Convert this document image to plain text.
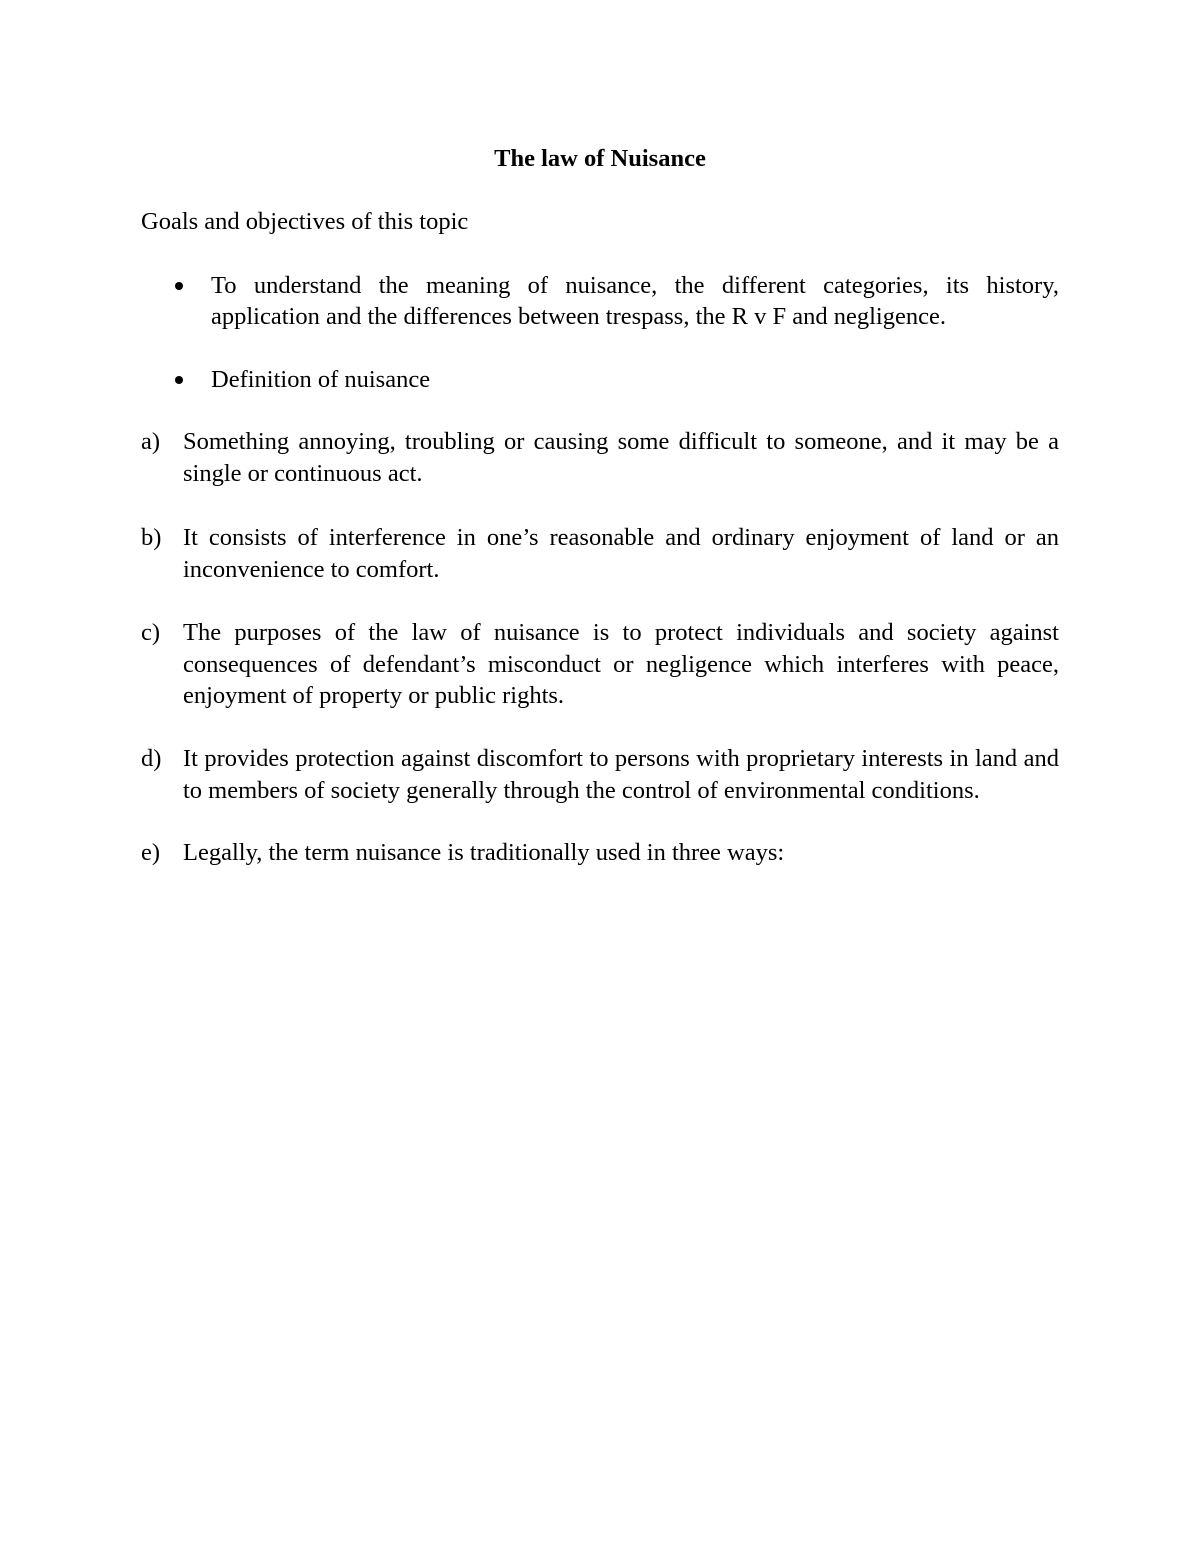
The law of Nuisance
Goals and objectives of this topic
To understand the meaning of nuisance, the different categories, its history, application and the differences between trespass, the R v F and negligence.
Definition of nuisance
a) Something annoying, troubling or causing some difficult to someone, and it may be a single or continuous act.
b) It consists of interference in one’s reasonable and ordinary enjoyment of land or an inconvenience to comfort.
c) The purposes of the law of nuisance is to protect individuals and society against consequences of defendant’s misconduct or negligence which interferes with peace, enjoyment of property or public rights.
d) It provides protection against discomfort to persons with proprietary interests in land and to members of society generally through the control of environmental conditions.
e) Legally, the term nuisance is traditionally used in three ways:
